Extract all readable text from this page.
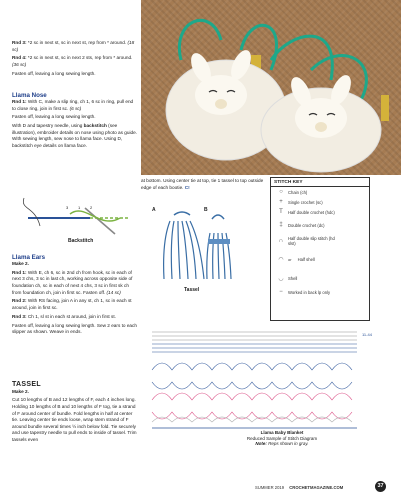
Rnd 3: *2 sc in next st, sc in next st, rep from * around. (18 sc)

Rnd 4: *2 sc in next st, sc in next 2 sts, rep from * around. (36 sc)

Fasten off, leaving a long sewing length.

Llama Nose

Rnd 1: With C, make a slip ring, ch 1, 6 sc in ring, pull end to close ring, join in first sc. (6 sc)

Fasten off, leaving a long sewing length.

With D and tapestry needle, using backstitch (see illustration), embroider details on nose using photo as guide. With sewing length, sew nose to llama face. Using D, backstitch eye details on llama face.

3 1 2
Backstitch
Llama Ears

Make 2.

Rnd 1: With E, ch 6, sc in 2nd ch from hook, sc in each of next 3 chs, 3 sc in last ch, working across opposite side of foundation ch, sc in each of next 4 chs, 3 sc in first sk ch from foundation ch, join in first sc. Fasten off. (14 sc)

Rnd 2: With RS facing, join A in any st, ch 1, sc in each st around, join in first sc.

Rnd 3: Ch 1, sl st in each st around, join in first st.

Fasten off, leaving a long sewing length. Sew 2 ears to each slipper as shown. Weave in ends.

TASSEL

Make 2.

Cut 10 lengths of B and 12 lengths of F, each 4 inches long. Holding 10 lengths of B and 10 lengths of F tog, tie a strand of F around center of bundle. Fold lengths in half at center tie. Leaving center tie ends loose, wrap stem strand of F around bundle several times ½ inch below fold. Tie securely and use tapestry needle to pull ends to inside of tassel. Trim tassels even

at bottom. Using center tie at top, tie 1 tassel to top outside edge of each bootie. C!
A	B
Tassel
STITCH KEY
○	Chain (ch)
+	Single crochet (sc)
T	Half double crochet (hdc)
‡	Double crochet (dc)
∩	Half double slip stitch (hd slst)
◠	or Half shell
◡	Shell
−	Worked in back lp only
11-44
Llama Baby Blanket
Reduced Sample of Stitch Diagram
Note: Reps shown in gray.
SUMMER 2019 CROCHETMAGAZINE.COM	37
